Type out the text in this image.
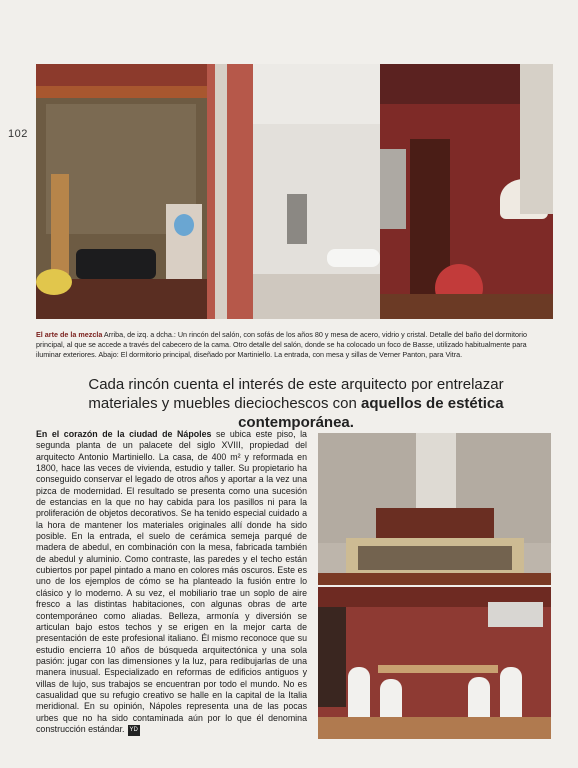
102
El arte de la mezcla Arriba, de izq. a dcha.: Un rincón del salón, con sofás de los años 80 y mesa de acero, vidrio y cristal. Detalle del baño del dormitorio principal, al que se accede a través del cabecero de la cama. Otro detalle del salón, donde se ha colocado un foco de Basse, utilizado habitualmente para iluminar exteriores. Abajo: El dormitorio principal, diseñado por Martiniello. La entrada, con mesa y sillas de Verner Panton, para Vitra.
Cada rincón cuenta el interés de este arquitecto por entrelazar materiales y muebles dieciochescos con aquellos de estética contemporánea.
En el corazón de la ciudad de Nápoles se ubica este piso, la segunda planta de un palacete del siglo XVIII, propiedad del arquitecto Antonio Martiniello. La casa, de 400 m² y reformada en 1800, hace las veces de vivienda, estudio y taller. Su propietario ha conseguido conservar el legado de otros años y aportar a la vez una pizca de modernidad. El resultado se presenta como una sucesión de estancias en la que no hay cabida para los pasillos ni para la proliferación de objetos decorativos. Se ha tenido especial cuidado a la hora de mantener los materiales originales allí donde ha sido posible. En la entrada, el suelo de cerámica semeja parqué de madera de abedul, en combinación con la mesa, fabricada también de abedul y aluminio. Como contraste, las paredes y el techo están cubiertos por papel pintado a mano en colores más oscuros. Este es uno de los ejemplos de cómo se ha planteado la fusión entre lo clásico y lo moderno. A su vez, el mobiliario trae un soplo de aire fresco a las distintas habitaciones, con algunas obras de arte contemporáneo como aliadas. Belleza, armonía y diversión se articulan bajo estos techos y se erigen en la mejor carta de presentación de este profesional italiano. Él mismo reconoce que su estudio encierra 10 años de búsqueda arquitectónica y una sola pasión: jugar con las dimensiones y la luz, para redibujarlas de una manera inusual. Especializado en reformas de edificios antiguos y villas de lujo, sus trabajos se encuentran por todo el mundo. No es casualidad que su refugio creativo se halle en la capital de la Italia meridional. En su opinión, Nápoles representa una de las pocas urbes que no ha sido contaminada aún por lo que él denomina construcción estándar. YD
